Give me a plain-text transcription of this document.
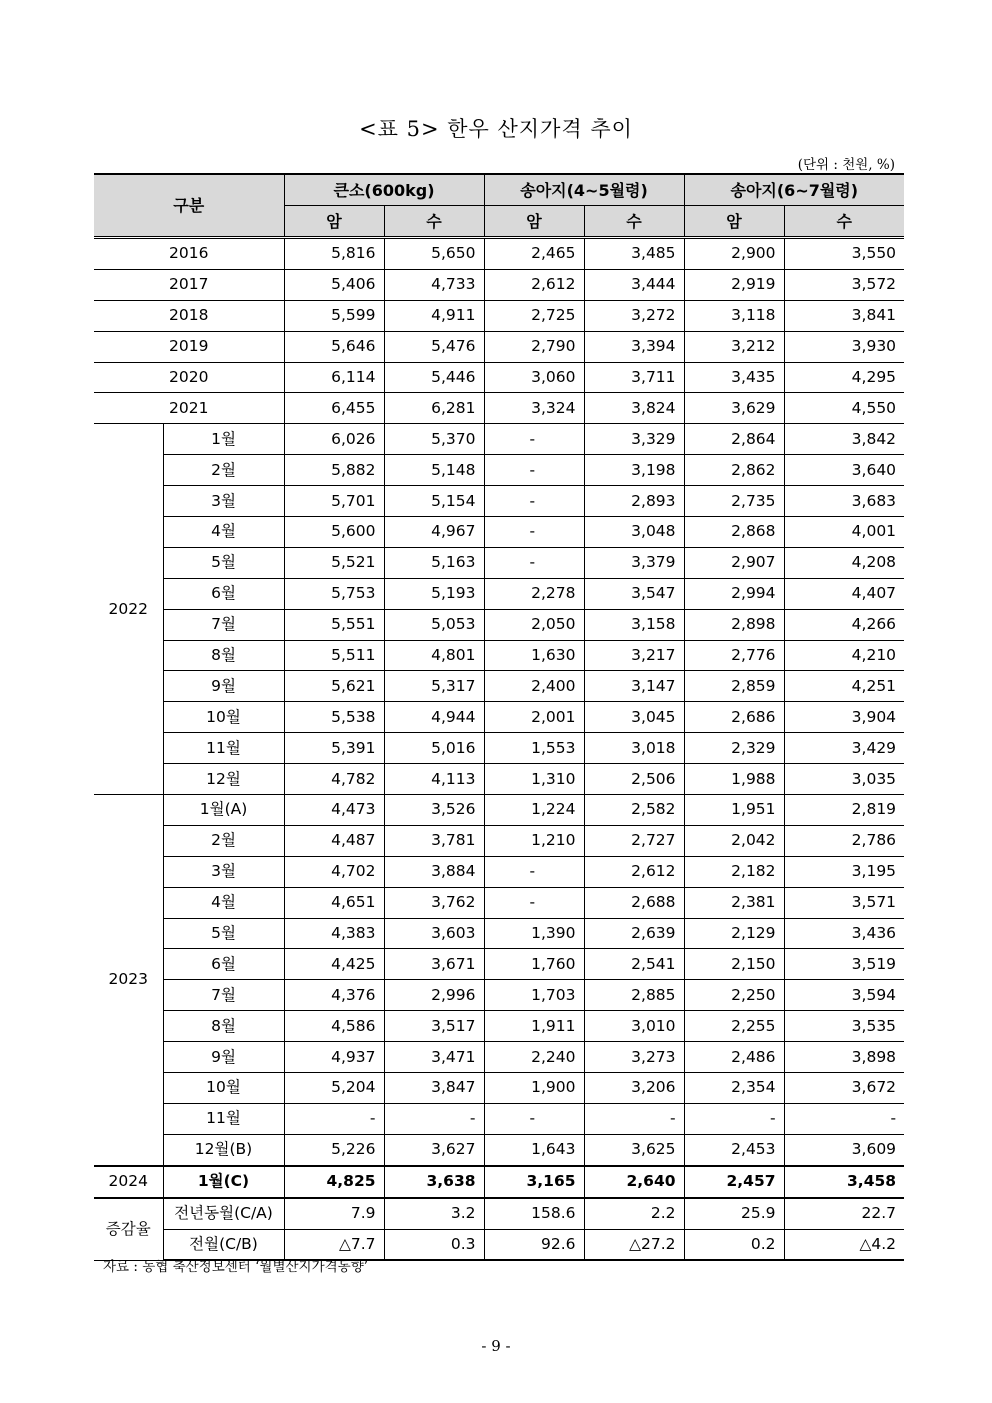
<표 5> 한우 산지가격 추이
(단위 : 천원, %)
구분		큰소(600kg)		송아지(4~5월령)		송아지(6~7월령)	
		암	수	암	수	암	수
2016		5,816	5,650	2,465	3,485	2,900	3,550
2017		5,406	4,733	2,612	3,444	2,919	3,572
2018		5,599	4,911	2,725	3,272	3,118	3,841
2019		5,646	5,476	2,790	3,394	3,212	3,930
2020		6,114	5,446	3,060	3,711	3,435	4,295
2021		6,455	6,281	3,324	3,824	3,629	4,550
2022	1월	6,026	5,370	-	3,329	2,864	3,842
	2월	5,882	5,148	-	3,198	2,862	3,640
	3월	5,701	5,154	-	2,893	2,735	3,683
	4월	5,600	4,967	-	3,048	2,868	4,001
	5월	5,521	5,163	-	3,379	2,907	4,208
	6월	5,753	5,193	2,278	3,547	2,994	4,407
	7월	5,551	5,053	2,050	3,158	2,898	4,266
	8월	5,511	4,801	1,630	3,217	2,776	4,210
	9월	5,621	5,317	2,400	3,147	2,859	4,251
	10월	5,538	4,944	2,001	3,045	2,686	3,904
	11월	5,391	5,016	1,553	3,018	2,329	3,429
	12월	4,782	4,113	1,310	2,506	1,988	3,035
2023	1월(A)	4,473	3,526	1,224	2,582	1,951	2,819
	2월	4,487	3,781	1,210	2,727	2,042	2,786
	3월	4,702	3,884	-	2,612	2,182	3,195
	4월	4,651	3,762	-	2,688	2,381	3,571
	5월	4,383	3,603	1,390	2,639	2,129	3,436
	6월	4,425	3,671	1,760	2,541	2,150	3,519
	7월	4,376	2,996	1,703	2,885	2,250	3,594
	8월	4,586	3,517	1,911	3,010	2,255	3,535
	9월	4,937	3,471	2,240	3,273	2,486	3,898
	10월	5,204	3,847	1,900	3,206	2,354	3,672
	11월	-	-	-	-	-	-
	12월(B)	5,226	3,627	1,643	3,625	2,453	3,609
2024	1월(C)	4,825	3,638	3,165	2,640	2,457	3,458
증감율	전년동월(C/A)	7.9	3.2	158.6	2.2	25.9	22.7
	전월(C/B)	△7.7	0.3	92.6	△27.2	0.2	△4.2
자료 : 농협 축산정보센터 ‘월별산지가격동향’
- 9 -
